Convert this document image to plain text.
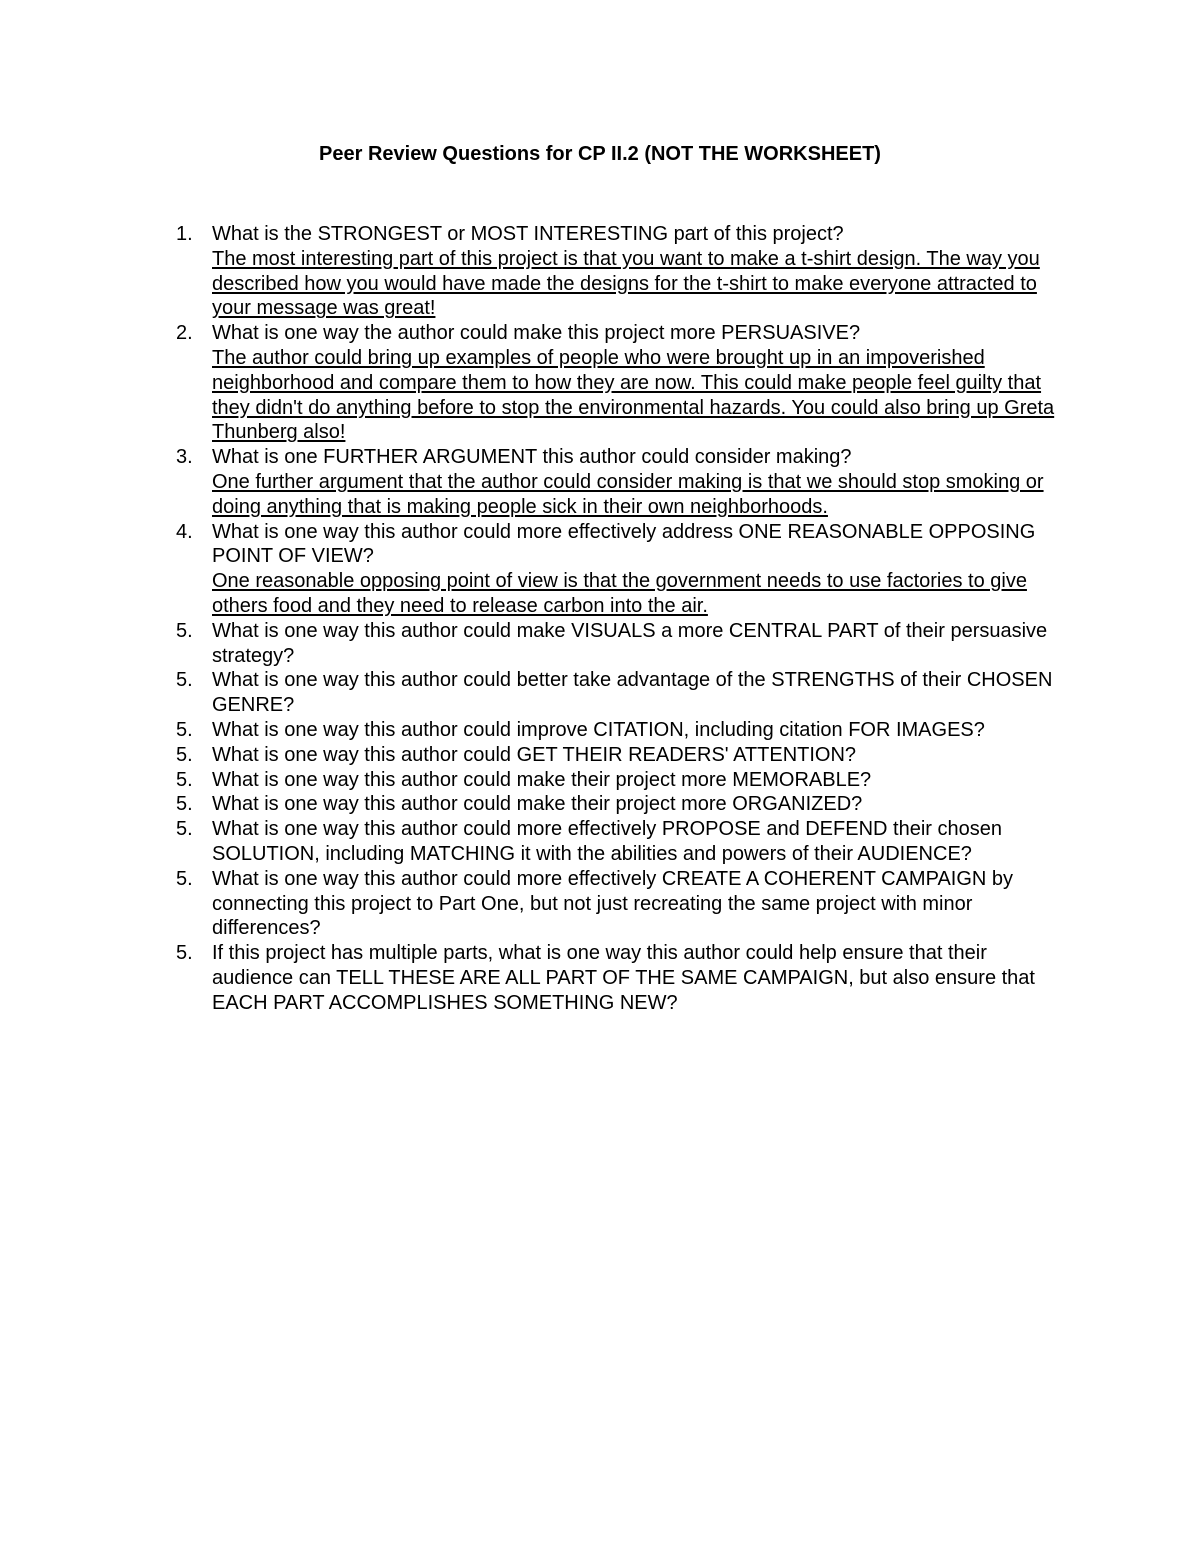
Peer Review Questions for CP II.2 (NOT THE WORKSHEET)
1. What is the STRONGEST or MOST INTERESTING part of this project?
The most interesting part of this project is that you want to make a t-shirt design. The way you described how you would have made the designs for the t-shirt to make everyone attracted to your message was great!
2. What is one way the author could make this project more PERSUASIVE?
The author could bring up examples of people who were brought up in an impoverished neighborhood and compare them to how they are now. This could make people feel guilty that they didn't do anything before to stop the environmental hazards. You could also bring up Greta Thunberg also!
3. What is one FURTHER ARGUMENT this author could consider making?
One further argument that the author could consider making is that we should stop smoking or doing anything that is making people sick in their own neighborhoods.
4. What is one way this author could more effectively address ONE REASONABLE OPPOSING POINT OF VIEW?
One reasonable opposing point of view is that the government needs to use factories to give others food and they need to release carbon into the air.
5. What is one way this author could make VISUALS a more CENTRAL PART of their persuasive strategy?
5. What is one way this author could better take advantage of the STRENGTHS of their CHOSEN GENRE?
5. What is one way this author could improve CITATION, including citation FOR IMAGES?
5. What is one way this author could GET THEIR READERS' ATTENTION?
5. What is one way this author could make their project more MEMORABLE?
5. What is one way this author could make their project more ORGANIZED?
5. What is one way this author could more effectively PROPOSE and DEFEND their chosen SOLUTION, including MATCHING it with the abilities and powers of their AUDIENCE?
5. What is one way this author could more effectively CREATE A COHERENT CAMPAIGN by connecting this project to Part One, but not just recreating the same project with minor differences?
5. If this project has multiple parts, what is one way this author could help ensure that their audience can TELL THESE ARE ALL PART OF THE SAME CAMPAIGN, but also ensure that EACH PART ACCOMPLISHES SOMETHING NEW?
